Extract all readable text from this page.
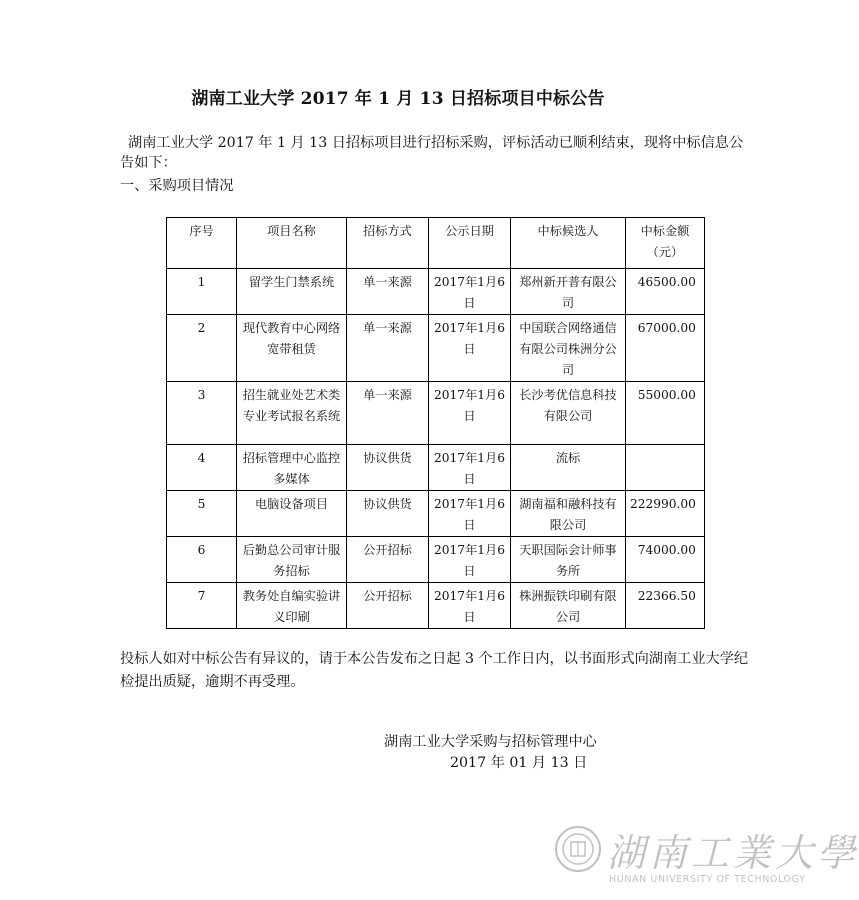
湖南工业大学 2017 年 1 月 13 日招标项目中标公告
湖南工业大学 2017 年 1 月 13 日招标项目进行招标采购，评标活动已顺利结束，现将中标信息公告如下：
一、采购项目情况
序号	项目名称	招标方式	公示日期	中标候选人	中标金额（元）
1	留学生门禁系统	单一来源	2017年1月6日	郑州新开普有限公司	46500.00
2	现代教育中心网络宽带租赁	单一来源	2017年1月6日	中国联合网络通信有限公司株洲分公司	67000.00
3	招生就业处艺术类专业考试报名系统	单一来源	2017年1月6日	长沙考优信息科技有限公司	55000.00
4	招标管理中心监控多媒体	协议供货	2017年1月6日	流标	
5	电脑设备项目	协议供货	2017年1月6日	湖南福和融科技有限公司	222990.00
6	后勤总公司审计服务招标	公开招标	2017年1月6日	天职国际会计师事务所	74000.00
7	教务处自编实验讲义印刷	公开招标	2017年1月6日	株洲振铁印刷有限公司	22366.50
投标人如对中标公告有异议的，请于本公告发布之日起 3 个工作日内，以书面形式向湖南工业大学纪检提出质疑，逾期不再受理。
湖南工业大学采购与招标管理中心
2017 年 01 月 13 日
湖南工業大學
HUNAN UNIVERSITY OF TECHNOLOGY
